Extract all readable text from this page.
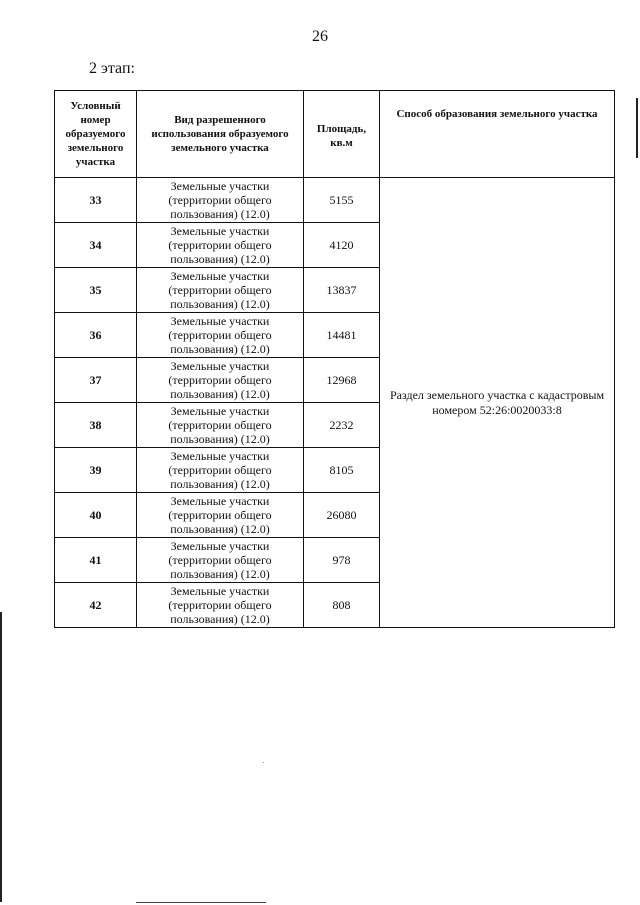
26
2 этап:
Условный номер образуемого земельного участка	Вид разрешенного использования образуемого земельного участка	Площадь, кв.м	Способ образования земельного участка
33	Земельные участки (территории общего пользования) (12.0)	5155	Раздел земельного участка с кадастровым номером 52:26:0020033:8
34	Земельные участки (территории общего пользования) (12.0)	4120	
35	Земельные участки (территории общего пользования) (12.0)	13837	
36	Земельные участки (территории общего пользования) (12.0)	14481	
37	Земельные участки (территории общего пользования) (12.0)	12968	
38	Земельные участки (территории общего пользования) (12.0)	2232	
39	Земельные участки (территории общего пользования) (12.0)	8105	
40	Земельные участки (территории общего пользования) (12.0)	26080	
41	Земельные участки (территории общего пользования) (12.0)	978	
42	Земельные участки (территории общего пользования) (12.0)	808	
